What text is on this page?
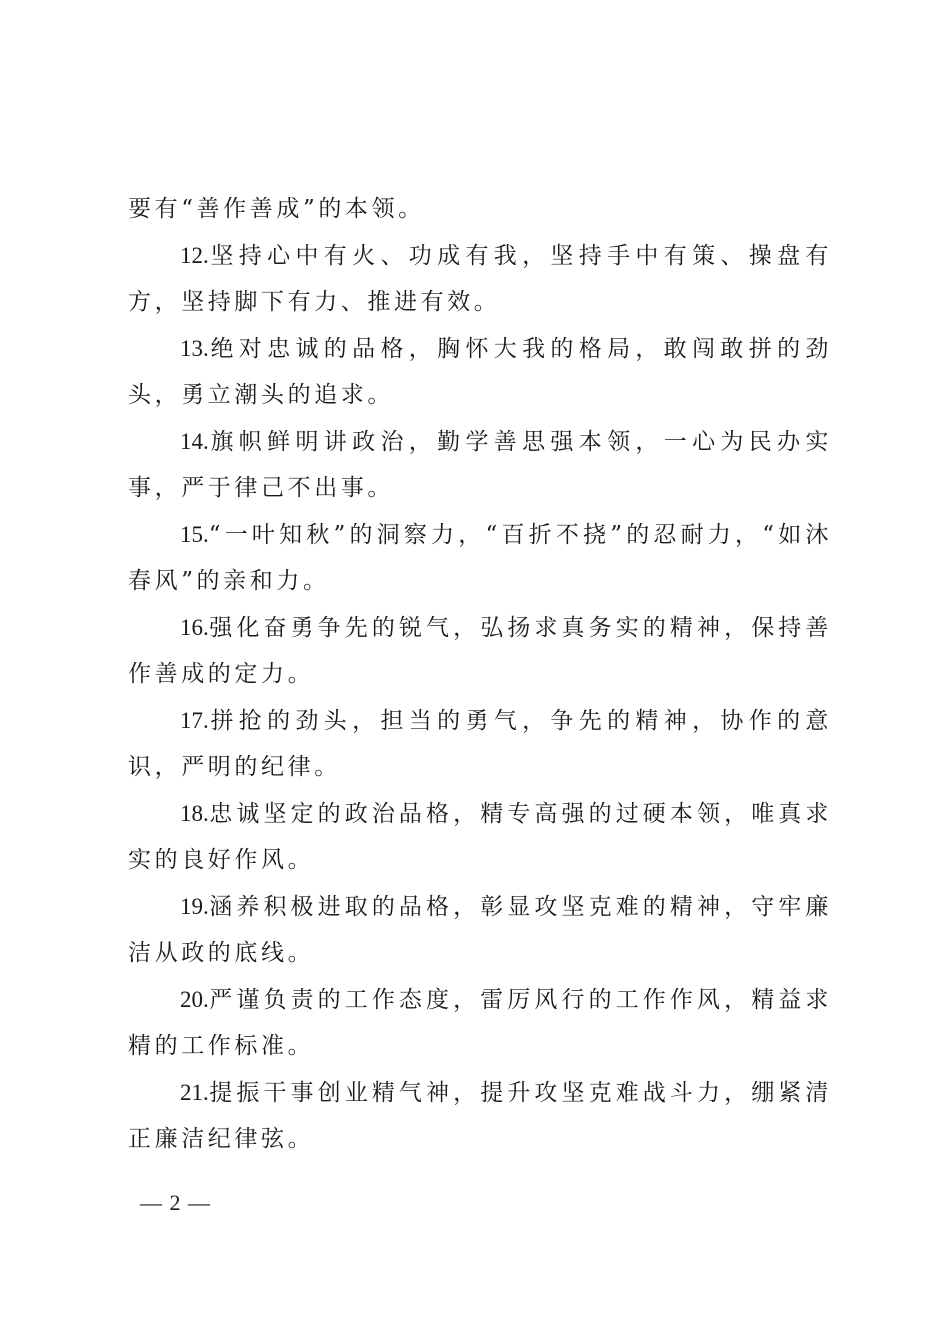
要有“善作善成”的本领。

12.坚持心中有火、功成有我，坚持手中有策、操盘有方，坚持脚下有力、推进有效。

13.绝对忠诚的品格，胸怀大我的格局，敢闯敢拼的劲头，勇立潮头的追求。

14.旗帜鲜明讲政治，勤学善思强本领，一心为民办实事，严于律己不出事。

15.“一叶知秋”的洞察力，“百折不挠”的忍耐力，“如沐春风”的亲和力。

16.强化奋勇争先的锐气，弘扬求真务实的精神，保持善作善成的定力。

17.拼抢的劲头，担当的勇气，争先的精神，协作的意识，严明的纪律。

18.忠诚坚定的政治品格，精专高强的过硬本领，唯真求实的良好作风。

19.涵养积极进取的品格，彰显攻坚克难的精神，守牢廉洁从政的底线。

20.严谨负责的工作态度，雷厉风行的工作作风，精益求精的工作标准。

21.提振干事创业精气神，提升攻坚克难战斗力，绷紧清正廉洁纪律弦。

— 2 —
